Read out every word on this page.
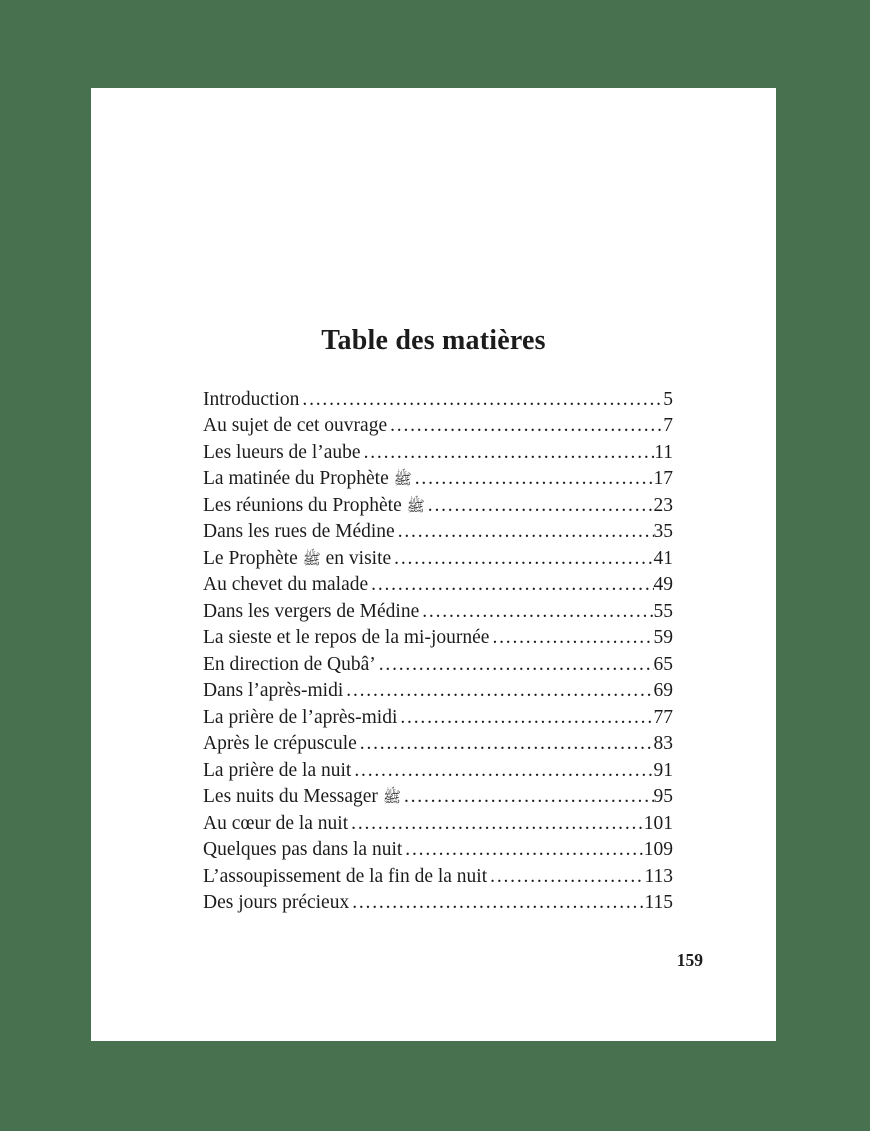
Table des matières
Introduction .....	5
Au sujet de cet ouvrage .....	7
Les lueurs de l’aube .....	11
La matinée du Prophète ﷺ .....	17
Les réunions du Prophète ﷺ .....	23
Dans les rues de Médine .....	35
Le Prophète ﷺ en visite .....	41
Au chevet du malade .....	49
Dans les vergers de Médine .....	55
La sieste et le repos de la mi-journée .....	59
En direction de Qubâ’ .....	65
Dans l’après-midi .....	69
La prière de l’après-midi .....	77
Après le crépuscule .....	83
La prière de la nuit .....	91
Les nuits du Messager ﷺ .....	95
Au cœur de la nuit .....	101
Quelques pas dans la nuit .....	109
L’assoupissement de la fin de la nuit .....	113
Des jours précieux .....	115
159
